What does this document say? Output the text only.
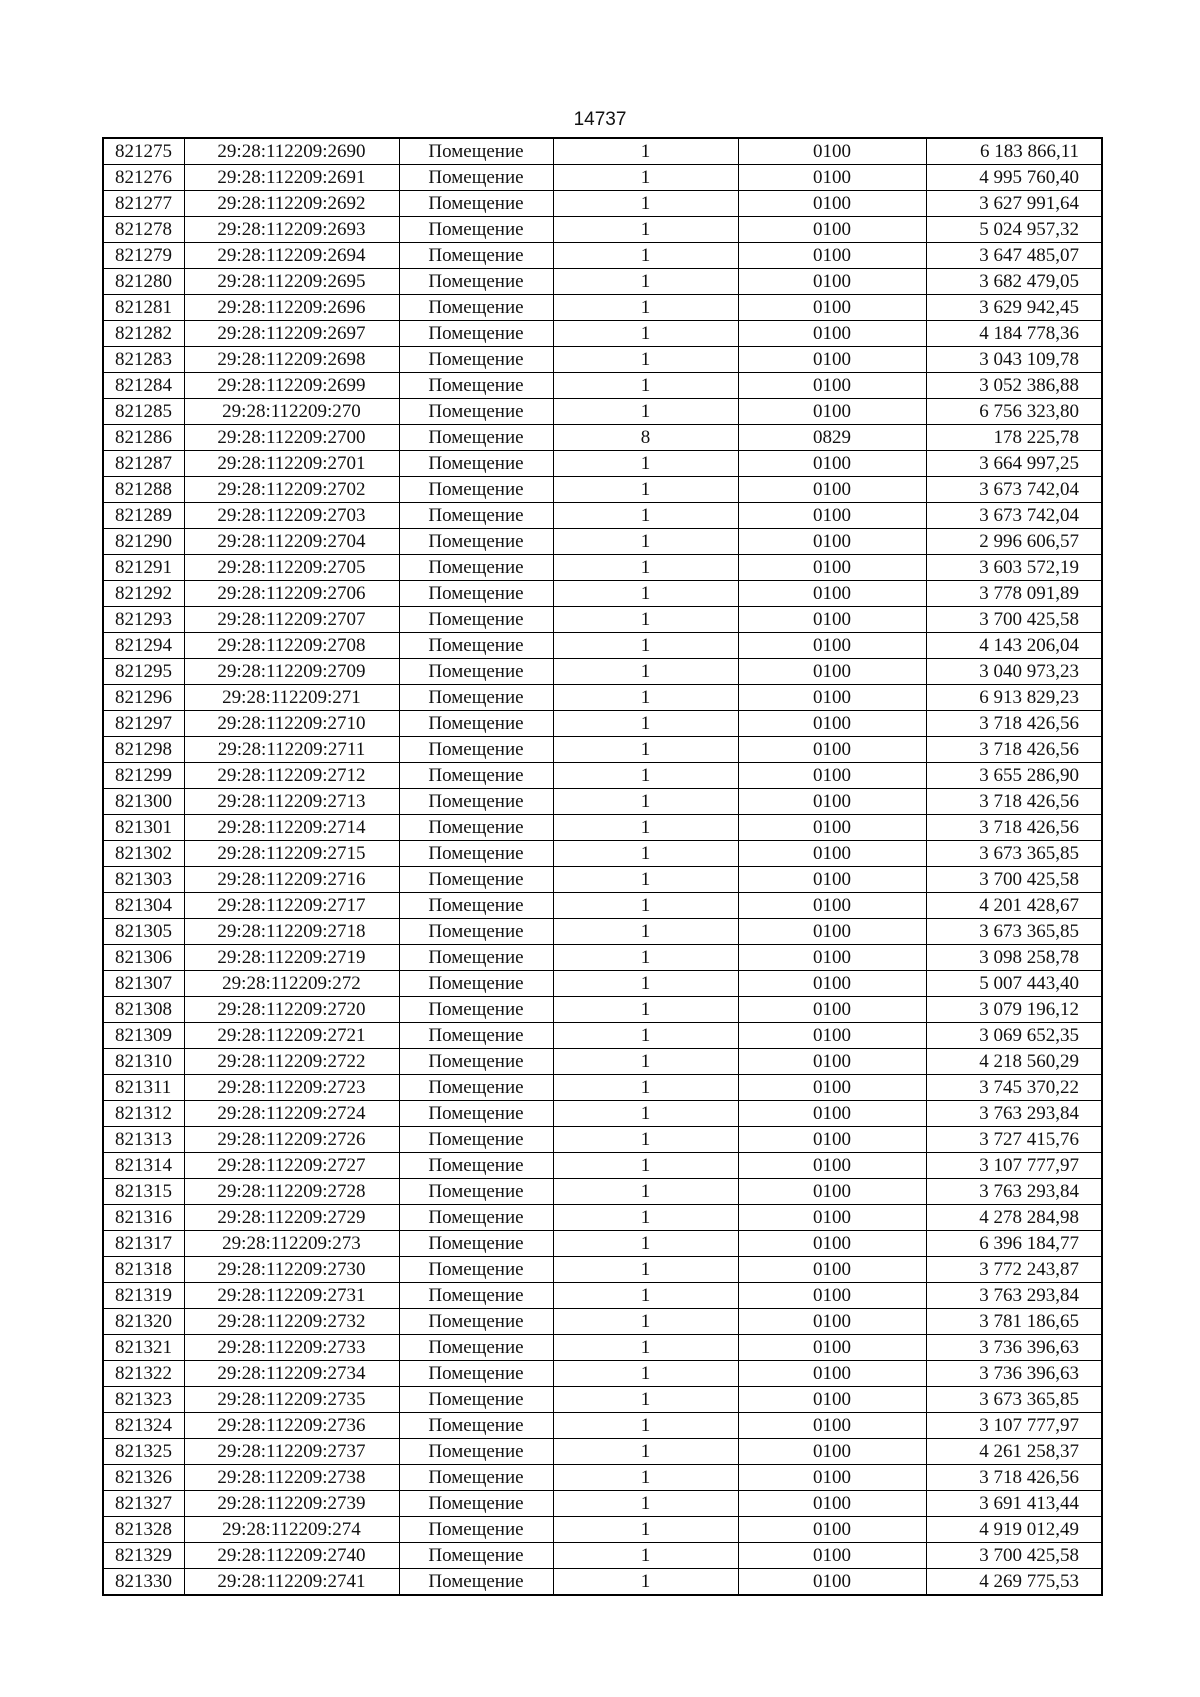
14737
821275	29:28:112209:2690	Помещение	1	0100	6 183 866,11
821276	29:28:112209:2691	Помещение	1	0100	4 995 760,40
821277	29:28:112209:2692	Помещение	1	0100	3 627 991,64
821278	29:28:112209:2693	Помещение	1	0100	5 024 957,32
821279	29:28:112209:2694	Помещение	1	0100	3 647 485,07
821280	29:28:112209:2695	Помещение	1	0100	3 682 479,05
821281	29:28:112209:2696	Помещение	1	0100	3 629 942,45
821282	29:28:112209:2697	Помещение	1	0100	4 184 778,36
821283	29:28:112209:2698	Помещение	1	0100	3 043 109,78
821284	29:28:112209:2699	Помещение	1	0100	3 052 386,88
821285	29:28:112209:270	Помещение	1	0100	6 756 323,80
821286	29:28:112209:2700	Помещение	8	0829	178 225,78
821287	29:28:112209:2701	Помещение	1	0100	3 664 997,25
821288	29:28:112209:2702	Помещение	1	0100	3 673 742,04
821289	29:28:112209:2703	Помещение	1	0100	3 673 742,04
821290	29:28:112209:2704	Помещение	1	0100	2 996 606,57
821291	29:28:112209:2705	Помещение	1	0100	3 603 572,19
821292	29:28:112209:2706	Помещение	1	0100	3 778 091,89
821293	29:28:112209:2707	Помещение	1	0100	3 700 425,58
821294	29:28:112209:2708	Помещение	1	0100	4 143 206,04
821295	29:28:112209:2709	Помещение	1	0100	3 040 973,23
821296	29:28:112209:271	Помещение	1	0100	6 913 829,23
821297	29:28:112209:2710	Помещение	1	0100	3 718 426,56
821298	29:28:112209:2711	Помещение	1	0100	3 718 426,56
821299	29:28:112209:2712	Помещение	1	0100	3 655 286,90
821300	29:28:112209:2713	Помещение	1	0100	3 718 426,56
821301	29:28:112209:2714	Помещение	1	0100	3 718 426,56
821302	29:28:112209:2715	Помещение	1	0100	3 673 365,85
821303	29:28:112209:2716	Помещение	1	0100	3 700 425,58
821304	29:28:112209:2717	Помещение	1	0100	4 201 428,67
821305	29:28:112209:2718	Помещение	1	0100	3 673 365,85
821306	29:28:112209:2719	Помещение	1	0100	3 098 258,78
821307	29:28:112209:272	Помещение	1	0100	5 007 443,40
821308	29:28:112209:2720	Помещение	1	0100	3 079 196,12
821309	29:28:112209:2721	Помещение	1	0100	3 069 652,35
821310	29:28:112209:2722	Помещение	1	0100	4 218 560,29
821311	29:28:112209:2723	Помещение	1	0100	3 745 370,22
821312	29:28:112209:2724	Помещение	1	0100	3 763 293,84
821313	29:28:112209:2726	Помещение	1	0100	3 727 415,76
821314	29:28:112209:2727	Помещение	1	0100	3 107 777,97
821315	29:28:112209:2728	Помещение	1	0100	3 763 293,84
821316	29:28:112209:2729	Помещение	1	0100	4 278 284,98
821317	29:28:112209:273	Помещение	1	0100	6 396 184,77
821318	29:28:112209:2730	Помещение	1	0100	3 772 243,87
821319	29:28:112209:2731	Помещение	1	0100	3 763 293,84
821320	29:28:112209:2732	Помещение	1	0100	3 781 186,65
821321	29:28:112209:2733	Помещение	1	0100	3 736 396,63
821322	29:28:112209:2734	Помещение	1	0100	3 736 396,63
821323	29:28:112209:2735	Помещение	1	0100	3 673 365,85
821324	29:28:112209:2736	Помещение	1	0100	3 107 777,97
821325	29:28:112209:2737	Помещение	1	0100	4 261 258,37
821326	29:28:112209:2738	Помещение	1	0100	3 718 426,56
821327	29:28:112209:2739	Помещение	1	0100	3 691 413,44
821328	29:28:112209:274	Помещение	1	0100	4 919 012,49
821329	29:28:112209:2740	Помещение	1	0100	3 700 425,58
821330	29:28:112209:2741	Помещение	1	0100	4 269 775,53
